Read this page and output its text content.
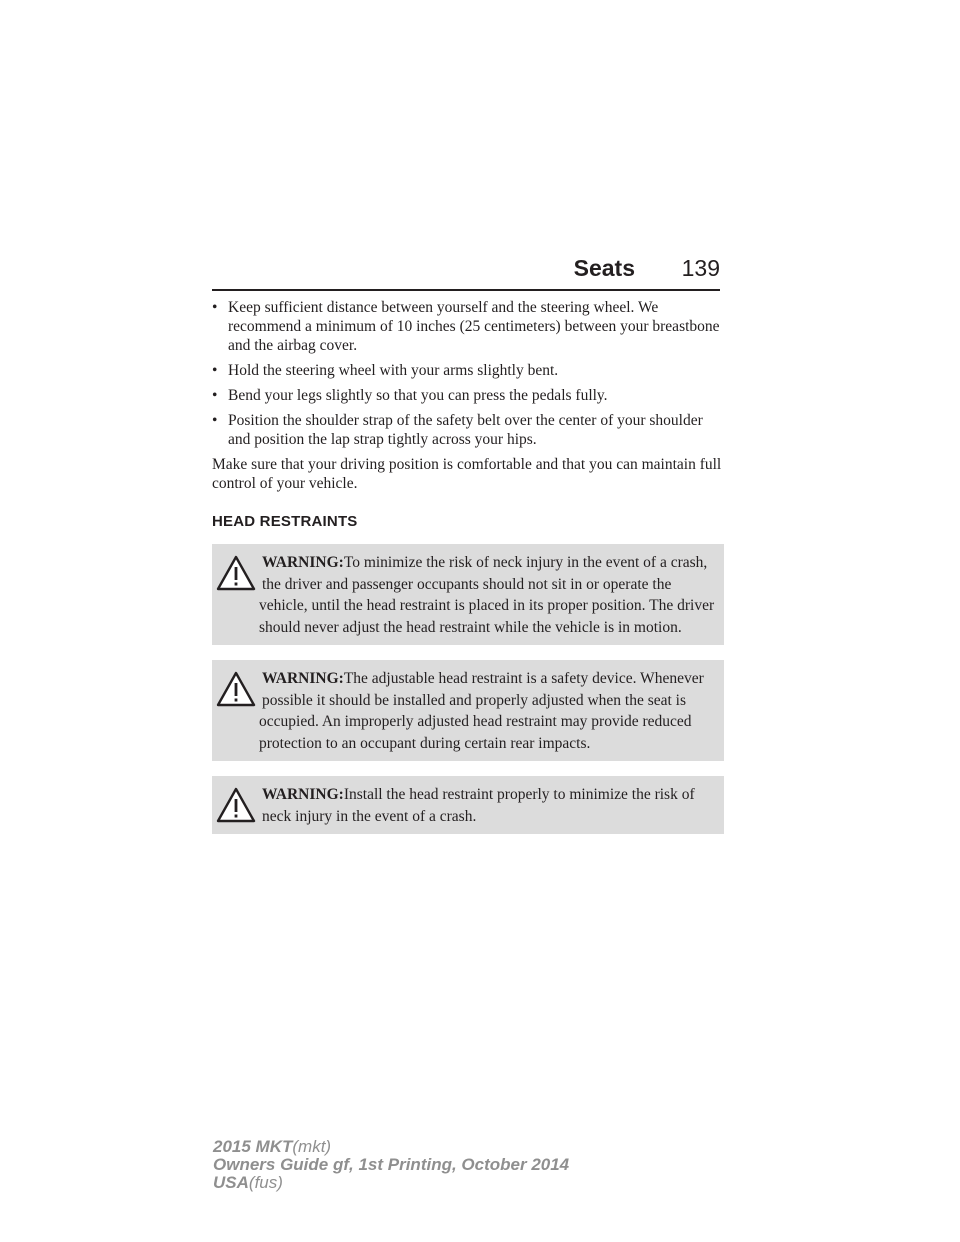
Seats 139
• Keep sufficient distance between yourself and the steering wheel. We recommend a minimum of 10 inches (25 centimeters) between your breastbone and the airbag cover.
• Hold the steering wheel with your arms slightly bent.
• Bend your legs slightly so that you can press the pedals fully.
• Position the shoulder strap of the safety belt over the center of your shoulder and position the lap strap tightly across your hips.

Make sure that your driving position is comfortable and that you can maintain full control of your vehicle.

HEAD RESTRAINTS
WARNING:To minimize the risk of neck injury in the event of a crash, the driver and passenger occupants should not sit in or operate the vehicle, until the head restraint is placed in its proper position. The driver should never adjust the head restraint while the vehicle is in motion.
WARNING:The adjustable head restraint is a safety device. Whenever possible it should be installed and properly adjusted when the seat is occupied. An improperly adjusted head restraint may provide reduced protection to an occupant during certain rear impacts.
WARNING:Install the head restraint properly to minimize the risk of neck injury in the event of a crash.
2015 MKT(mkt)
Owners Guide gf, 1st Printing, October 2014
USA(fus)
